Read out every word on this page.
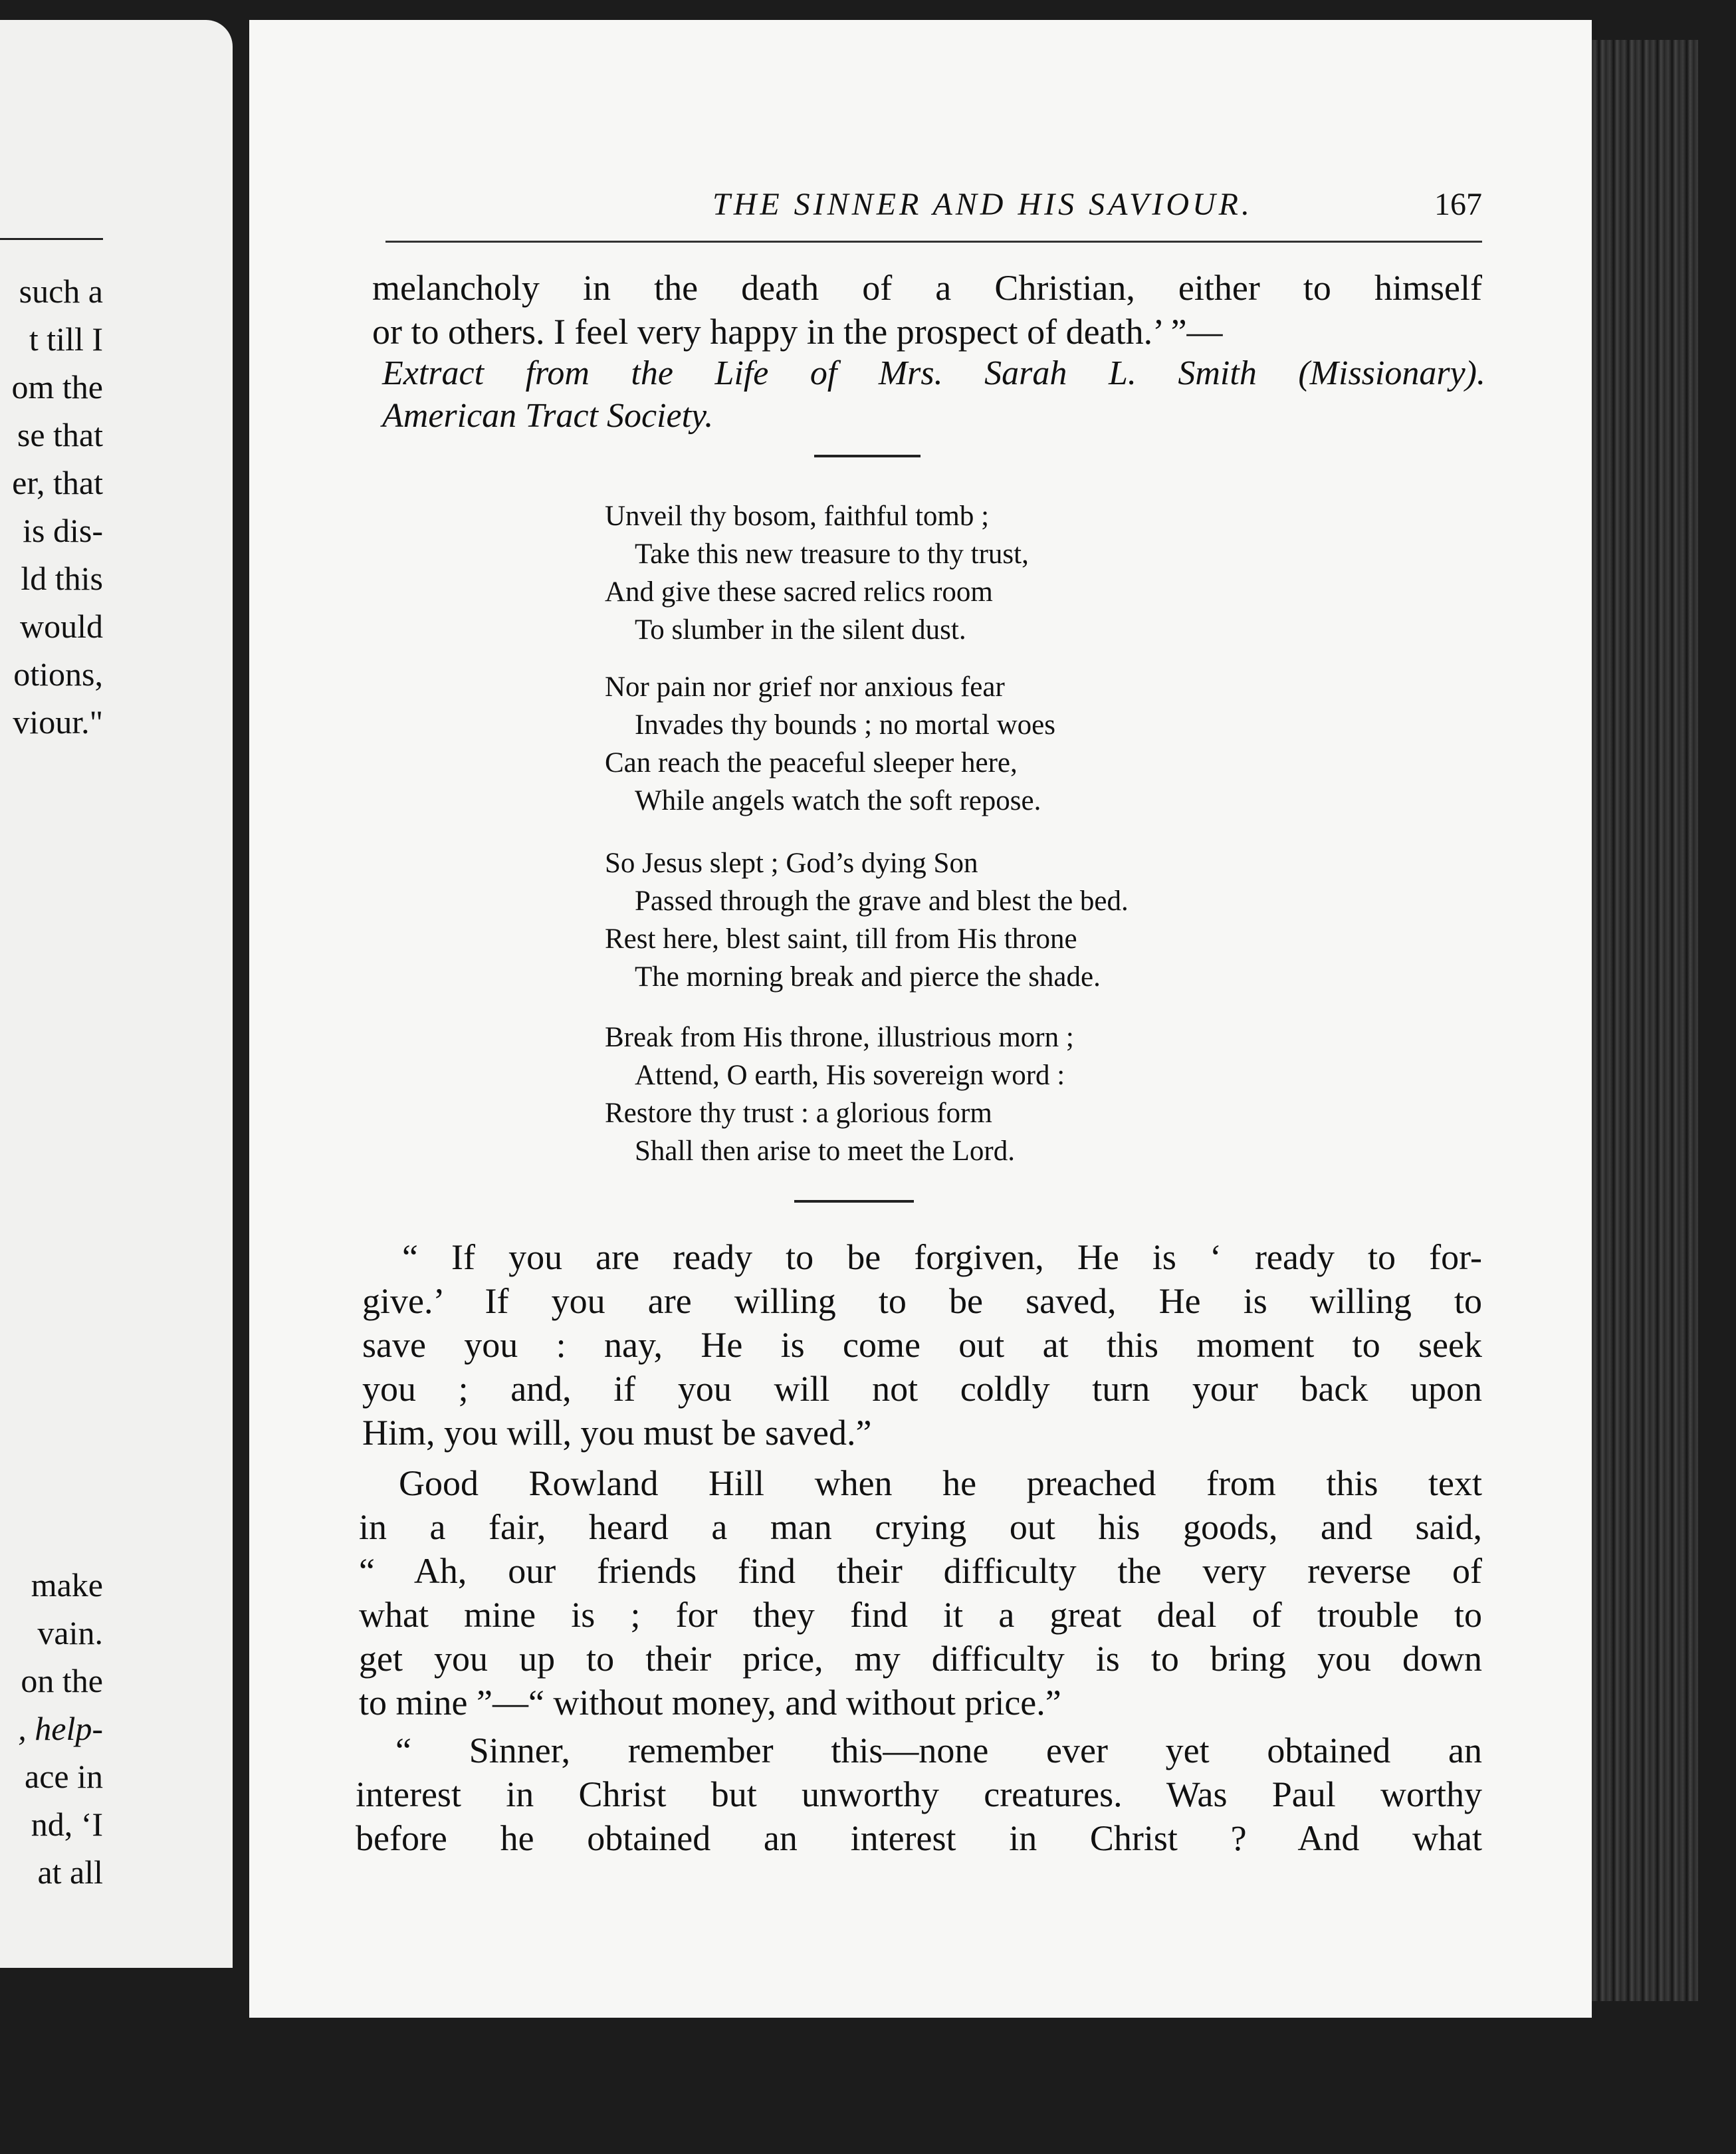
such a
t till I
om the
se that
er, that
is dis-
ld this
would
otions,
viour."
make
vain.
on the
, help-
ace in
nd, ‘I
at all
THE SINNER AND HIS SAVIOUR.	167
melancholy in the death of a Christian, either to himself
or to others. I feel very happy in the prospect of death.’ ”—
Extract from the Life of Mrs. Sarah L. Smith (Missionary).
American Tract Society.
Unveil thy bosom, faithful tomb ;
Take this new treasure to thy trust,
And give these sacred relics room
To slumber in the silent dust.
Nor pain nor grief nor anxious fear
Invades thy bounds ; no mortal woes
Can reach the peaceful sleeper here,
While angels watch the soft repose.
So Jesus slept ; God’s dying Son
Passed through the grave and blest the bed.
Rest here, blest saint, till from His throne
The morning break and pierce the shade.
Break from His throne, illustrious morn ;
Attend, O earth, His sovereign word :
Restore thy trust : a glorious form
Shall then arise to meet the Lord.
“ If you are ready to be forgiven, He is ‘ ready to for-
give.’ If you are willing to be saved, He is willing to
save you : nay, He is come out at this moment to seek
you ; and, if you will not coldly turn your back upon
Him, you will, you must be saved.”
Good Rowland Hill when he preached from this text
in a fair, heard a man crying out his goods, and said,
“ Ah, our friends find their difficulty the very reverse of
what mine is ; for they find it a great deal of trouble to
get you up to their price, my difficulty is to bring you down
to mine ”—“ without money, and without price.”
“ Sinner, remember this—none ever yet obtained an
interest in Christ but unworthy creatures. Was Paul worthy
before he obtained an interest in Christ ? And what
